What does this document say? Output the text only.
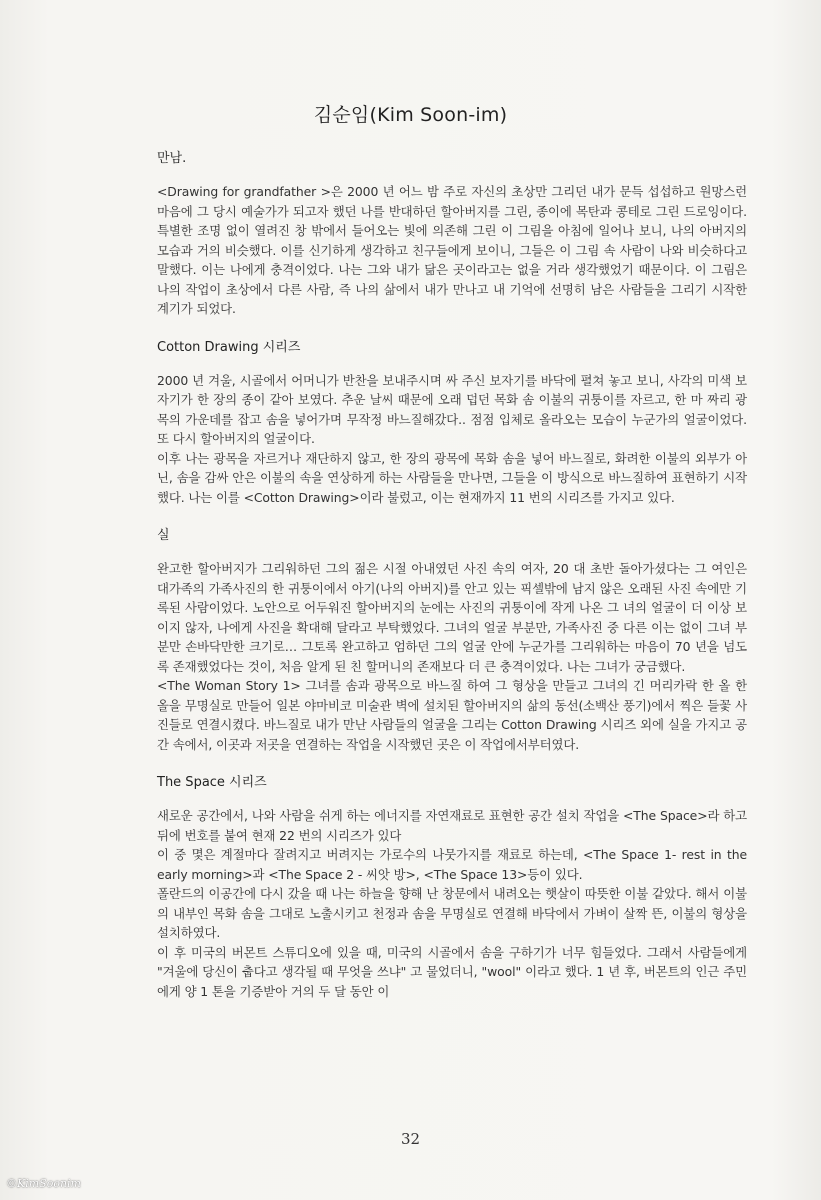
김순임(Kim Soon-im)
만남.

<Drawing for grandfather >은 2000 년 어느 밤 주로 자신의 초상만 그리던 내가 문득 섭섭하고 원망스런 마음에 그 당시 예술가가 되고자 했던 나를 반대하던 할아버지를 그린, 종이에 목탄과 콩테로 그린 드로잉이다. 특별한 조명 없이 열려진 창 밖에서 들어오는 빛에 의존해 그린 이 그림을 아침에 일어나 보니, 나의 아버지의 모습과 거의 비슷했다. 이를 신기하게 생각하고 친구들에게 보이니, 그들은 이 그림 속 사람이 나와 비슷하다고 말했다. 이는 나에게 충격이었다. 나는 그와 내가 닮은 곳이라고는 없을 거라 생각했었기 때문이다. 이 그림은 나의 작업이 초상에서 다른 사람, 즉 나의 삶에서 내가 만나고 내 기억에 선명히 남은 사람들을 그리기 시작한 계기가 되었다.

Cotton Drawing 시리즈

2000 년 겨울, 시골에서 어머니가 반찬을 보내주시며 싸 주신 보자기를 바닥에 펼쳐 놓고 보니, 사각의 미색 보자기가 한 장의 종이 같아 보였다. 추운 날씨 때문에 오래 덥던 목화 솜 이불의 귀퉁이를 자르고, 한 마 짜리 광목의 가운데를 잡고 솜을 넣어가며 무작정 바느질해갔다.. 점점 입체로 올라오는 모습이 누군가의 얼굴이었다. 또 다시 할아버지의 얼굴이다.

이후 나는 광목을 자르거나 재단하지 않고, 한 장의 광목에 목화 솜을 넣어 바느질로, 화려한 이불의 외부가 아닌, 솜을 감싸 안은 이불의 속을 연상하게 하는 사람들을 만나면, 그들을 이 방식으로 바느질하여 표현하기 시작했다. 나는 이를 <Cotton Drawing>이라 불렀고, 이는 현재까지 11 번의 시리즈를 가지고 있다.

실

완고한 할아버지가 그리워하던 그의 젊은 시절 아내였던 사진 속의 여자, 20 대 초반 돌아가셨다는 그 여인은 대가족의 가족사진의 한 귀퉁이에서 아기(나의 아버지)를 안고 있는 픽셀밖에 남지 않은 오래된 사진 속에만 기록된 사람이었다. 노안으로 어두워진 할아버지의 눈에는 사진의 귀퉁이에 작게 나온 그 녀의 얼굴이 더 이상 보이지 않자, 나에게 사진을 확대해 달라고 부탁했었다. 그녀의 얼굴 부분만, 가족사진 중 다른 이는 없이 그녀 부분만 손바닥만한 크기로… 그토록 완고하고 엄하던 그의 얼굴 안에 누군가를 그리워하는 마음이 70 년을 넘도록 존재했었다는 것이, 처음 알게 된 친 할머니의 존재보다 더 큰 충격이었다. 나는 그녀가 궁금했다.

<The Woman Story 1> 그녀를 솜과 광목으로 바느질 하여 그 형상을 만들고 그녀의 긴 머리카락 한 올 한 올을 무명실로 만들어 일본 야마비코 미술관 벽에 설치된 할아버지의 삶의 동선(소백산 풍기)에서 찍은 들꽃 사진들로 연결시켰다. 바느질로 내가 만난 사람들의 얼굴을 그리는 Cotton Drawing 시리즈 외에 실을 가지고 공간 속에서, 이곳과 저곳을 연결하는 작업을 시작했던 곳은 이 작업에서부터였다.

The Space 시리즈

새로운 공간에서, 나와 사람을 쉬게 하는 에너지를 자연재료로 표현한 공간 설치 작업을 <The Space>라 하고 뒤에 번호를 붙여 현재 22 번의 시리즈가 있다

이 중 몇은 계절마다 잘려지고 버려지는 가로수의 나뭇가지를 재료로 하는데, <The Space 1- rest in the early morning>과 <The Space 2 - 씨앗 방>, <The Space 13>등이 있다.

폴란드의 이공간에 다시 갔을 때 나는 하늘을 향해 난 창문에서 내려오는 햇살이 따뜻한 이불 같았다. 해서 이불의 내부인 목화 솜을 그대로 노출시키고 천정과 솜을 무명실로 연결해 바닥에서 가벼이 살짝 뜬, 이불의 형상을 설치하였다.

이 후 미국의 버몬트 스튜디오에 있을 때, 미국의 시골에서 솜을 구하기가 너무 힘들었다. 그래서 사람들에게 "겨울에 당신이 춥다고 생각될 때 무엇을 쓰냐" 고 물었더니, "wool" 이라고 했다. 1 년 후, 버몬트의 인근 주민에게 양 1 톤을 기증받아 거의 두 달 동안 이

32
©KimSoonim
